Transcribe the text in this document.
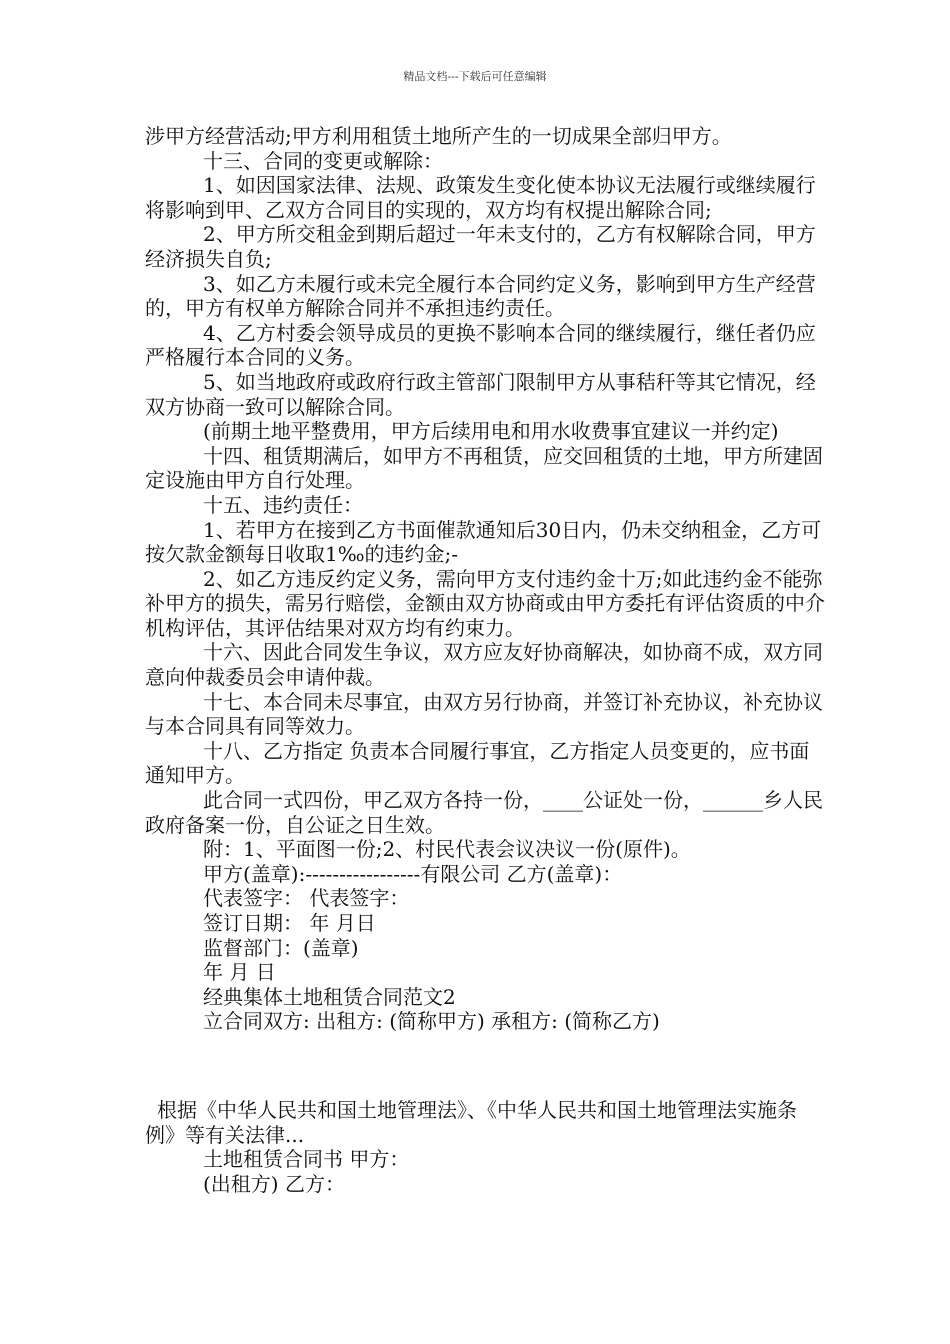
精品文档---下载后可任意编辑

涉甲方经营活动;甲方利用租赁土地所产生的一切成果全部归甲方。

十三、合同的变更或解除：

1、如因国家法律、法规、政策发生变化使本协议无法履行或继续履行将影响到甲、乙双方合同目的实现的，双方均有权提出解除合同;

2、甲方所交租金到期后超过一年未支付的，乙方有权解除合同，甲方经济损失自负;

3、如乙方未履行或未完全履行本合同约定义务，影响到甲方生产经营的，甲方有权单方解除合同并不承担违约责任。

4、乙方村委会领导成员的更换不影响本合同的继续履行，继任者仍应严格履行本合同的义务。

5、如当地政府或政府行政主管部门限制甲方从事秸秆等其它情况，经双方协商一致可以解除合同。

(前期土地平整费用，甲方后续用电和用水收费事宜建议一并约定)

十四、租赁期满后，如甲方不再租赁，应交回租赁的土地，甲方所建固定设施由甲方自行处理。

十五、违约责任：

1、若甲方在接到乙方书面催款通知后30日内，仍未交纳租金，乙方可按欠款金额每日收取1‰的违约金;-

2、如乙方违反约定义务，需向甲方支付违约金十万;如此违约金不能弥补甲方的损失，需另行赔偿，金额由双方协商或由甲方委托有评估资质的中介机构评估，其评估结果对双方均有约束力。

十六、因此合同发生争议，双方应友好协商解决，如协商不成，双方同意向仲裁委员会申请仲裁。

十七、本合同未尽事宜，由双方另行协商，并签订补充协议，补充协议与本合同具有同等效力。

十八、乙方指定 负责本合同履行事宜，乙方指定人员变更的，应书面通知甲方。

此合同一式四份，甲乙双方各持一份，____公证处一份，______乡人民政府备案一份，自公证之日生效。

附：1、平面图一份;2、村民代表会议决议一份(原件)。

甲方(盖章):-----------------有限公司 乙方(盖章)：

代表签字： 代表签字：

签订日期： 年 月日

监督部门：(盖章)

年 月 日

经典集体土地租赁合同范文2

立合同双方: 出租方: (简称甲方) 承租方: (简称乙方)

根据《中华人民共和国土地管理法》、《中华人民共和国土地管理法实施条例》等有关法律...

土地租赁合同书 甲方：

(出租方) 乙方：
